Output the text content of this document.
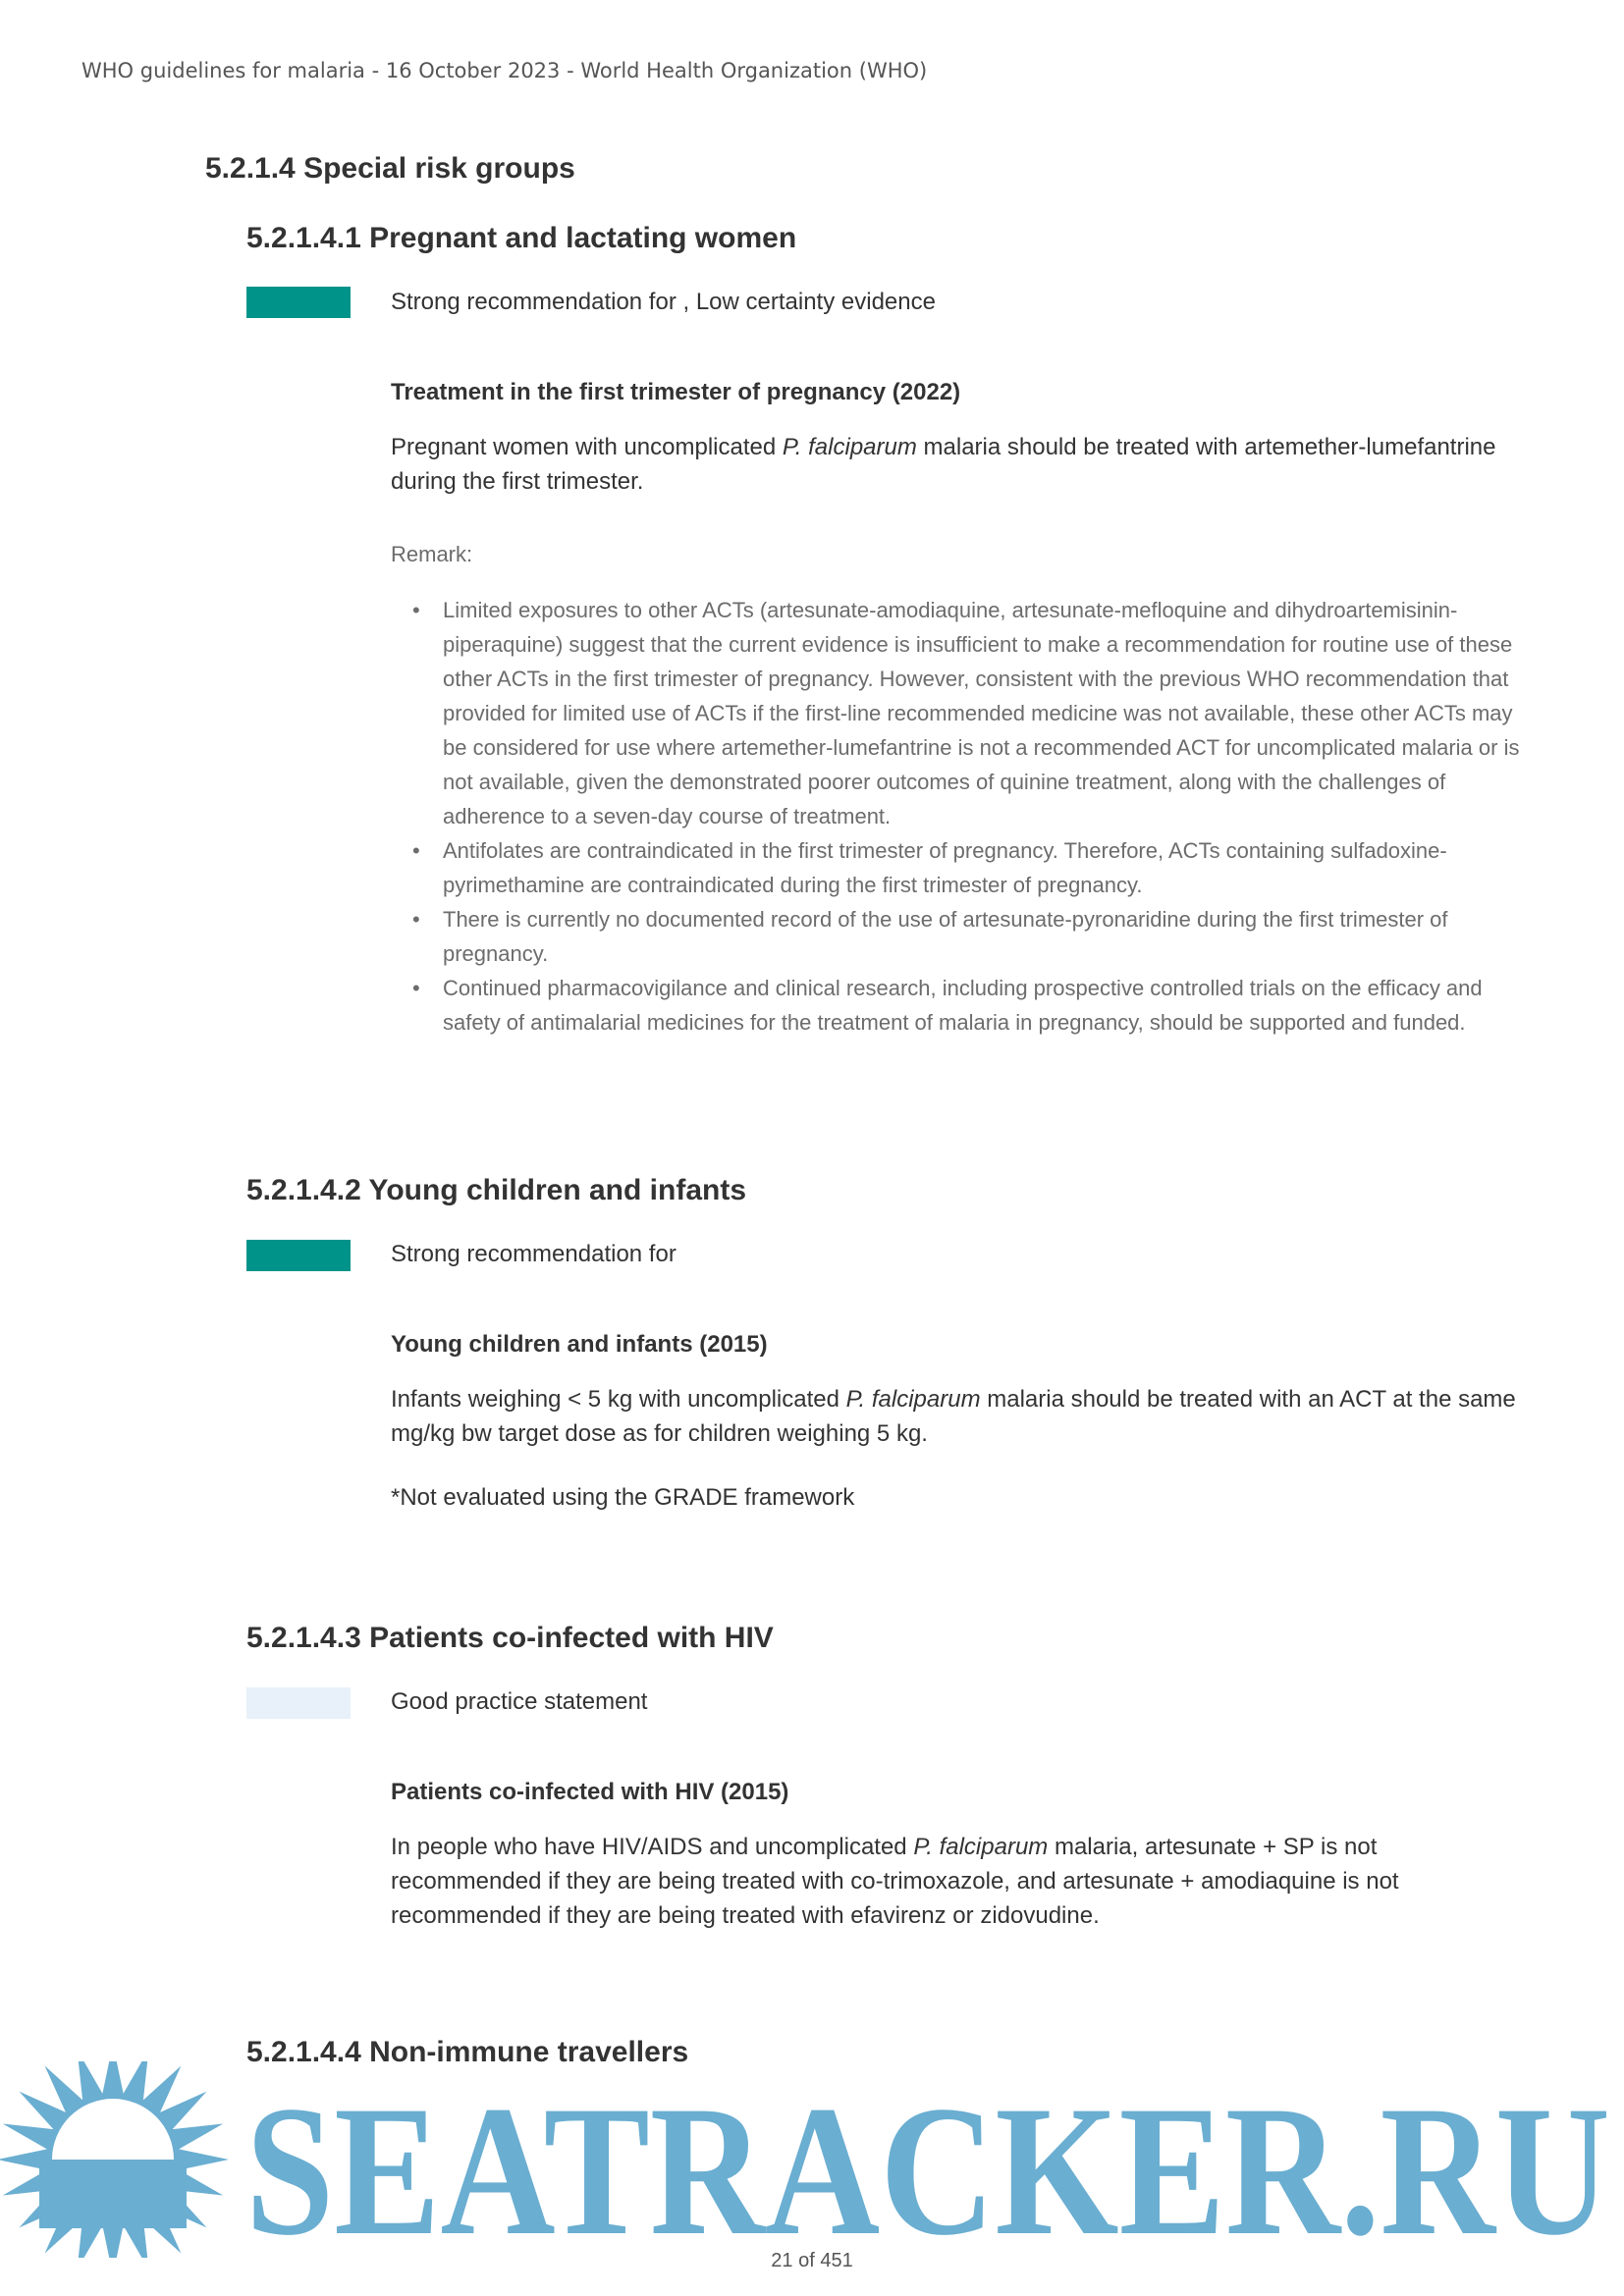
WHO guidelines for malaria - 16 October 2023 - World Health Organization (WHO)
5.2.1.4 Special risk groups
5.2.1.4.1 Pregnant and lactating women
Strong recommendation for , Low certainty evidence
Treatment in the first trimester of pregnancy (2022)

Pregnant women with uncomplicated P. falciparum malaria should be treated with artemether-lumefantrine during the first trimester.

Remark:
• Limited exposures to other ACTs (artesunate-amodiaquine, artesunate-mefloquine and dihydroartemisinin-piperaquine) suggest that the current evidence is insufficient to make a recommendation for routine use of these other ACTs in the first trimester of pregnancy. However, consistent with the previous WHO recommendation that provided for limited use of ACTs if the first-line recommended medicine was not available, these other ACTs may be considered for use where artemether-lumefantrine is not a recommended ACT for uncomplicated malaria or is not available, given the demonstrated poorer outcomes of quinine treatment, along with the challenges of adherence to a seven-day course of treatment.
• Antifolates are contraindicated in the first trimester of pregnancy. Therefore, ACTs containing sulfadoxine-pyrimethamine are contraindicated during the first trimester of pregnancy.
• There is currently no documented record of the use of artesunate-pyronaridine during the first trimester of pregnancy.
• Continued pharmacovigilance and clinical research, including prospective controlled trials on the efficacy and safety of antimalarial medicines for the treatment of malaria in pregnancy, should be supported and funded.
5.2.1.4.2 Young children and infants
Strong recommendation for
Young children and infants (2015)

Infants weighing < 5 kg with uncomplicated P. falciparum malaria should be treated with an ACT at the same mg/kg bw target dose as for children weighing 5 kg.

*Not evaluated using the GRADE framework
5.2.1.4.3 Patients co-infected with HIV
Good practice statement
Patients co-infected with HIV (2015)

In people who have HIV/AIDS and uncomplicated P. falciparum malaria, artesunate + SP is not recommended if they are being treated with co-trimoxazole, and artesunate + amodiaquine is not recommended if they are being treated with efavirenz or zidovudine.

5.2.1.4.4 Non-immune travellers
SEATRACKER.RU
21 of 451
